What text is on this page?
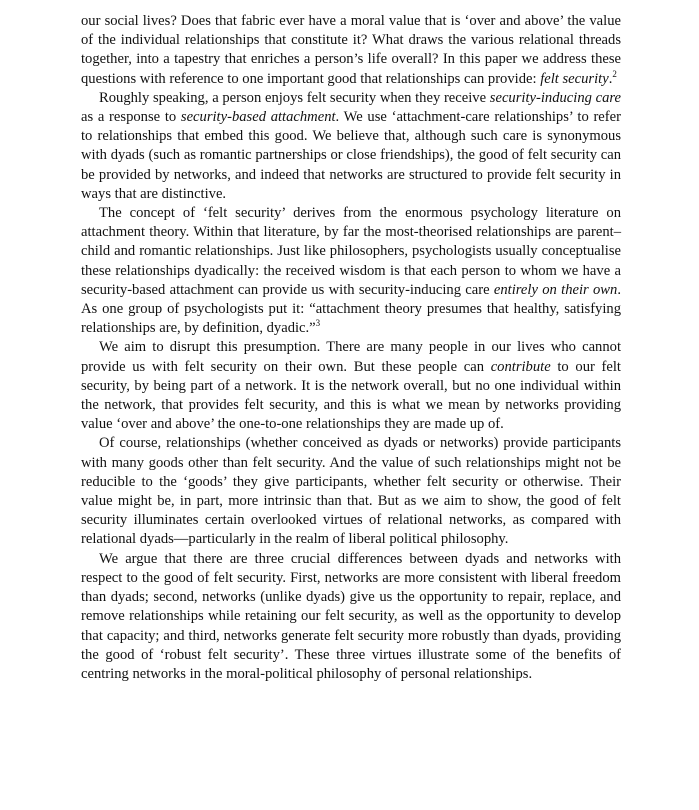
our social lives? Does that fabric ever have a moral value that is ‘over and above’ the value of the individual relationships that constitute it? What draws the various relational threads together, into a tapestry that enriches a person’s life overall? In this paper we address these questions with reference to one important good that relationships can provide: felt security.$^2$

Roughly speaking, a person enjoys felt security when they receive security-inducing care as a response to security-based attachment. We use ‘attachment-care relationships’ to refer to relationships that embed this good. We believe that, although such care is synonymous with dyads (such as romantic partnerships or close friendships), the good of felt security can be provided by networks, and indeed that networks are structured to provide felt security in ways that are distinctive.

The concept of ‘felt security’ derives from the enormous psychology literature on attachment theory. Within that literature, by far the most-theorised relationships are parent–child and romantic relationships. Just like philosophers, psychologists usually conceptualise these relationships dyadically: the received wisdom is that each person to whom we have a security-based attachment can provide us with security-inducing care entirely on their own. As one group of psychologists put it: “attachment theory presumes that healthy, satisfying relationships are, by definition, dyadic.”$^3$

We aim to disrupt this presumption. There are many people in our lives who cannot provide us with felt security on their own. But these people can contribute to our felt security, by being part of a network. It is the network overall, but no one individual within the network, that provides felt security, and this is what we mean by networks providing value ‘over and above’ the one-to-one relationships they are made up of.

Of course, relationships (whether conceived as dyads or networks) provide participants with many goods other than felt security. And the value of such relationships might not be reducible to the ‘goods’ they give participants, whether felt security or otherwise. Their value might be, in part, more intrinsic than that. But as we aim to show, the good of felt security illuminates certain overlooked virtues of relational networks, as compared with relational dyads—particularly in the realm of liberal political philosophy.

We argue that there are three crucial differences between dyads and networks with respect to the good of felt security. First, networks are more consistent with liberal freedom than dyads; second, networks (unlike dyads) give us the opportunity to repair, replace, and remove relationships while retaining our felt security, as well as the opportunity to develop that capacity; and third, networks generate felt security more robustly than dyads, providing the good of ‘robust felt security’. These three virtues illustrate some of the benefits of centring networks in the moral-political philosophy of personal relationships.
